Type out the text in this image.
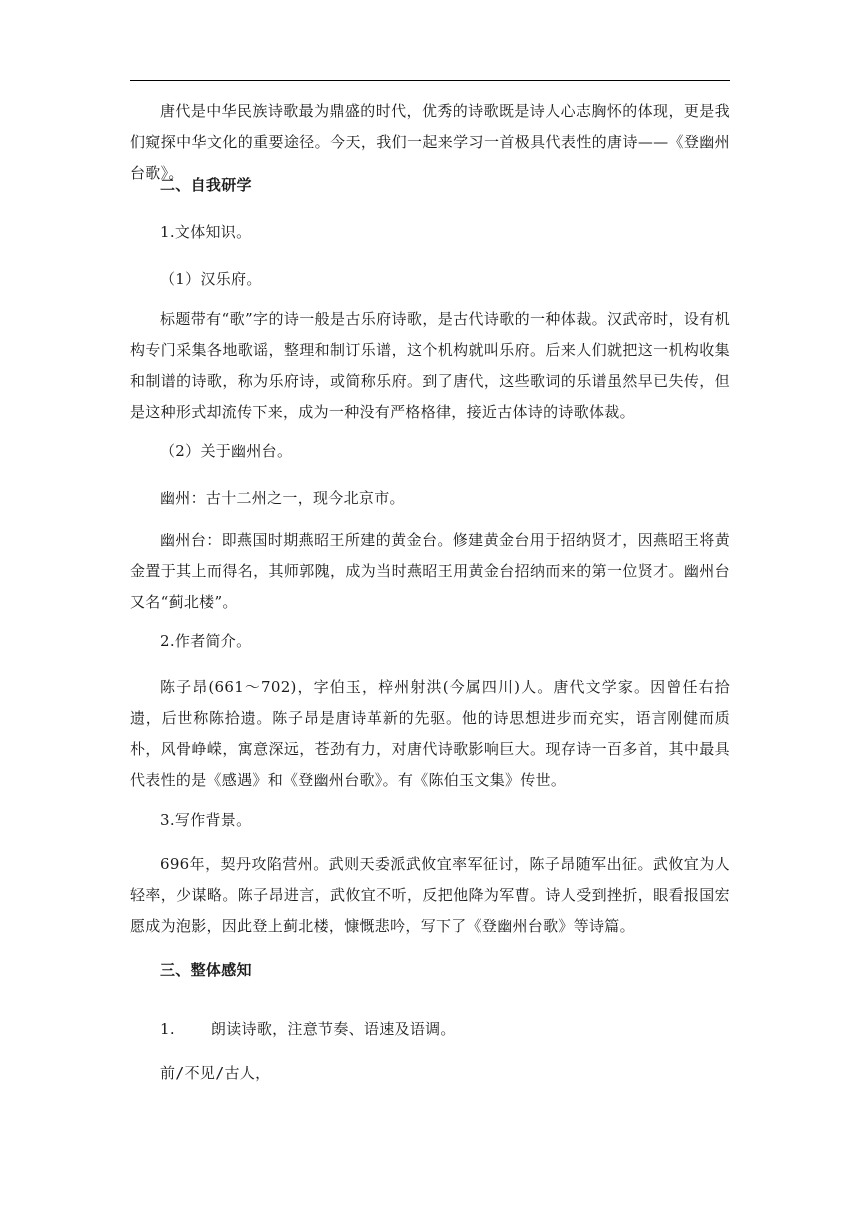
唐代是中华民族诗歌最为鼎盛的时代，优秀的诗歌既是诗人心志胸怀的体现，更是我们窥探中华文化的重要途径。今天，我们一起来学习一首极具代表性的唐诗——《登幽州台歌》。

二、自我研学

1.文体知识。

（1）汉乐府。

标题带有“歌”字的诗一般是古乐府诗歌，是古代诗歌的一种体裁。汉武帝时，设有机构专门采集各地歌谣，整理和制订乐谱，这个机构就叫乐府。后来人们就把这一机构收集和制谱的诗歌，称为乐府诗，或简称乐府。到了唐代，这些歌词的乐谱虽然早已失传，但是这种形式却流传下来，成为一种没有严格格律，接近古体诗的诗歌体裁。

（2）关于幽州台。

幽州：古十二州之一，现今北京市。

幽州台：即燕国时期燕昭王所建的黄金台。修建黄金台用于招纳贤才，因燕昭王将黄金置于其上而得名，其师郭隗，成为当时燕昭王用黄金台招纳而来的第一位贤才。幽州台又名“蓟北楼”。

2.作者简介。

陈子昂(661～702)，字伯玉，梓州射洪(今属四川)人。唐代文学家。因曾任右拾遗，后世称陈拾遗。陈子昂是唐诗革新的先驱。他的诗思想进步而充实，语言刚健而质朴，风骨峥嵘，寓意深远，苍劲有力，对唐代诗歌影响巨大。现存诗一百多首，其中最具代表性的是《感遇》和《登幽州台歌》。有《陈伯玉文集》传世。

3.写作背景。

696年，契丹攻陷营州。武则天委派武攸宜率军征讨，陈子昂随军出征。武攸宜为人轻率，少谋略。陈子昂进言，武攸宜不听，反把他降为军曹。诗人受到挫折，眼看报国宏愿成为泡影，因此登上蓟北楼，慷慨悲吟，写下了《登幽州台歌》等诗篇。

三、整体感知

1. 朗读诗歌，注意节奏、语速及语调。

前/不见/古人，
